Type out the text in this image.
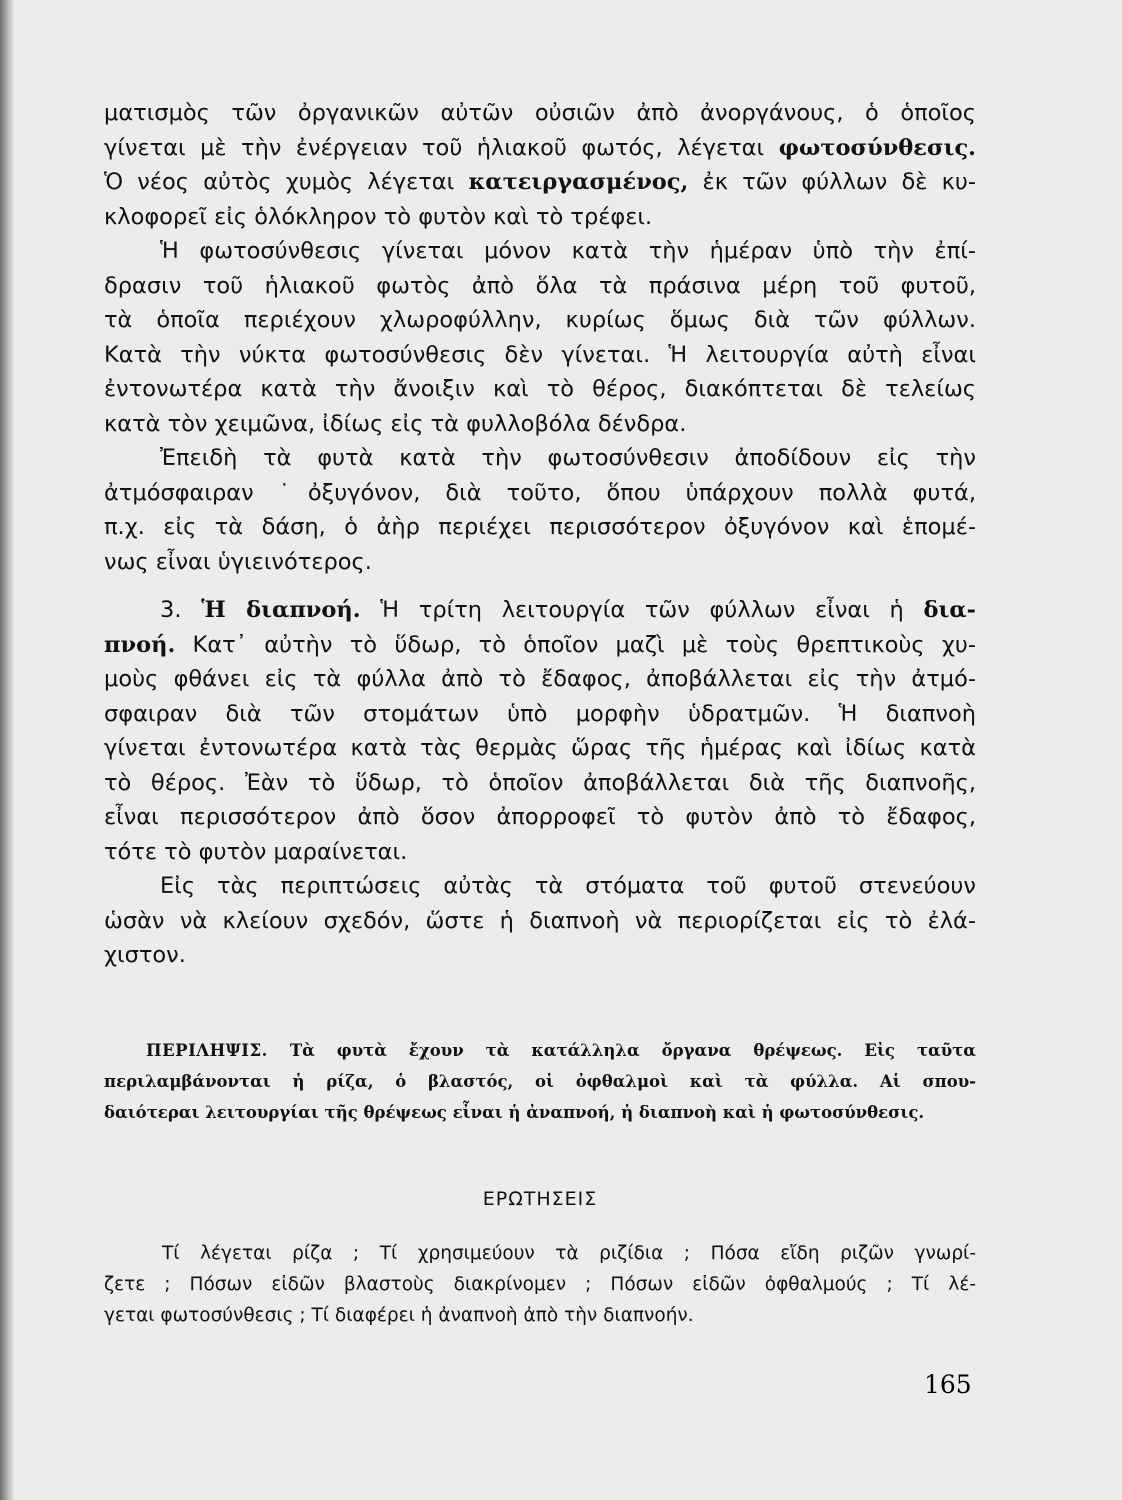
ματισμὸς τῶν ὀργανικῶν αὐτῶν οὐσιῶν ἀπὸ ἀνοργάνους, ὁ ὁποῖος
γίνεται μὲ τὴν ἐνέργειαν τοῦ ἡλιακοῦ φωτός, λέγεται φωτοσύνθεσις.
Ὁ νέος αὐτὸς χυμὸς λέγεται κατειργασμένος, ἐκ τῶν φύλλων δὲ κυ-
κλοφορεῖ εἰς ὁλόκληρον τὸ φυτὸν καὶ τὸ τρέφει.

Ἡ φωτοσύνθεσις γίνεται μόνον κατὰ τὴν ἡμέραν ὑπὸ τὴν ἐπί-
δρασιν τοῦ ἡλιακοῦ φωτὸς ἀπὸ ὅλα τὰ πράσινα μέρη τοῦ φυτοῦ,
τὰ ὁποῖα περιέχουν χλωροφύλλην, κυρίως ὅμως διὰ τῶν φύλλων.
Κατὰ τὴν νύκτα φωτοσύνθεσις δὲν γίνεται. Ἡ λειτουργία αὐτὴ εἶναι
ἐντονωτέρα κατὰ τὴν ἄνοιξιν καὶ τὸ θέρος, διακόπτεται δὲ τελείως
κατὰ τὸν χειμῶνα, ἰδίως εἰς τὰ φυλλοβόλα δένδρα.

Ἐπειδὴ τὰ φυτὰ κατὰ τὴν φωτοσύνθεσιν ἀποδίδουν εἰς τὴν
ἀτμόσφαιραν ˙ὀξυγόνον, διὰ τοῦτο, ὅπου ὑπάρχουν πολλὰ φυτά,
π.χ. εἰς τὰ δάση, ὁ ἀὴρ περιέχει περισσότερον ὀξυγόνον καὶ ἑπομέ-
νως εἶναι ὑγιεινότερος.

3. Ἡ διαπνοή. Ἡ τρίτη λειτουργία τῶν φύλλων εἶναι ἡ δια-
πνοή. Κατ᾽ αὐτὴν τὸ ὕδωρ, τὸ ὁποῖον μαζὶ μὲ τοὺς θρεπτικοὺς χυ-
μοὺς φθάνει εἰς τὰ φύλλα ἀπὸ τὸ ἔδαφος, ἀποβάλλεται εἰς τὴν ἀτμό-
σφαιραν διὰ τῶν στομάτων ὑπὸ μορφὴν ὑδρατμῶν. Ἡ διαπνοὴ
γίνεται ἐντονωτέρα κατὰ τὰς θερμὰς ὥρας τῆς ἡμέρας καὶ ἰδίως κατὰ
τὸ θέρος. Ἐὰν τὸ ὕδωρ, τὸ ὁποῖον ἀποβάλλεται διὰ τῆς διαπνοῆς,
εἶναι περισσότερον ἀπὸ ὅσον ἀπορροφεῖ τὸ φυτὸν ἀπὸ τὸ ἔδαφος,
τότε τὸ φυτὸν μαραίνεται.

Εἰς τὰς περιπτώσεις αὐτὰς τὰ στόματα τοῦ φυτοῦ στενεύουν
ὡσὰν νὰ κλείουν σχεδόν, ὥστε ἡ διαπνοὴ νὰ περιορίζεται εἰς τὸ ἐλά-
χιστον.

ΠΕΡΙΛΗΨΙΣ. Τὰ φυτὰ ἔχουν τὰ κατάλληλα ὄργανα θρέψεως. Εἰς ταῦτα
περιλαμβάνονται ἡ ρίζα, ὁ βλαστός, οἱ ὀφθαλμοὶ καὶ τὰ φύλλα. Αἱ σπου-
δαιότεραι λειτουργίαι τῆς θρέψεως εἶναι ἡ ἀναπνοή, ἡ διαπνοὴ καὶ ἡ φωτοσύνθεσις.
ΕΡΩΤΗΣΕΙΣ
Τί λέγεται ρίζα ; Τί χρησιμεύουν τὰ ριζίδια ; Πόσα εἴδη ριζῶν γνωρί-
ζετε ; Πόσων εἰδῶν βλαστοὺς διακρίνομεν ; Πόσων εἰδῶν ὀφθαλμούς ; Τί λέ-
γεται φωτοσύνθεσις ; Τί διαφέρει ἡ ἀναπνοὴ ἀπὸ τὴν διαπνοήν.
165
